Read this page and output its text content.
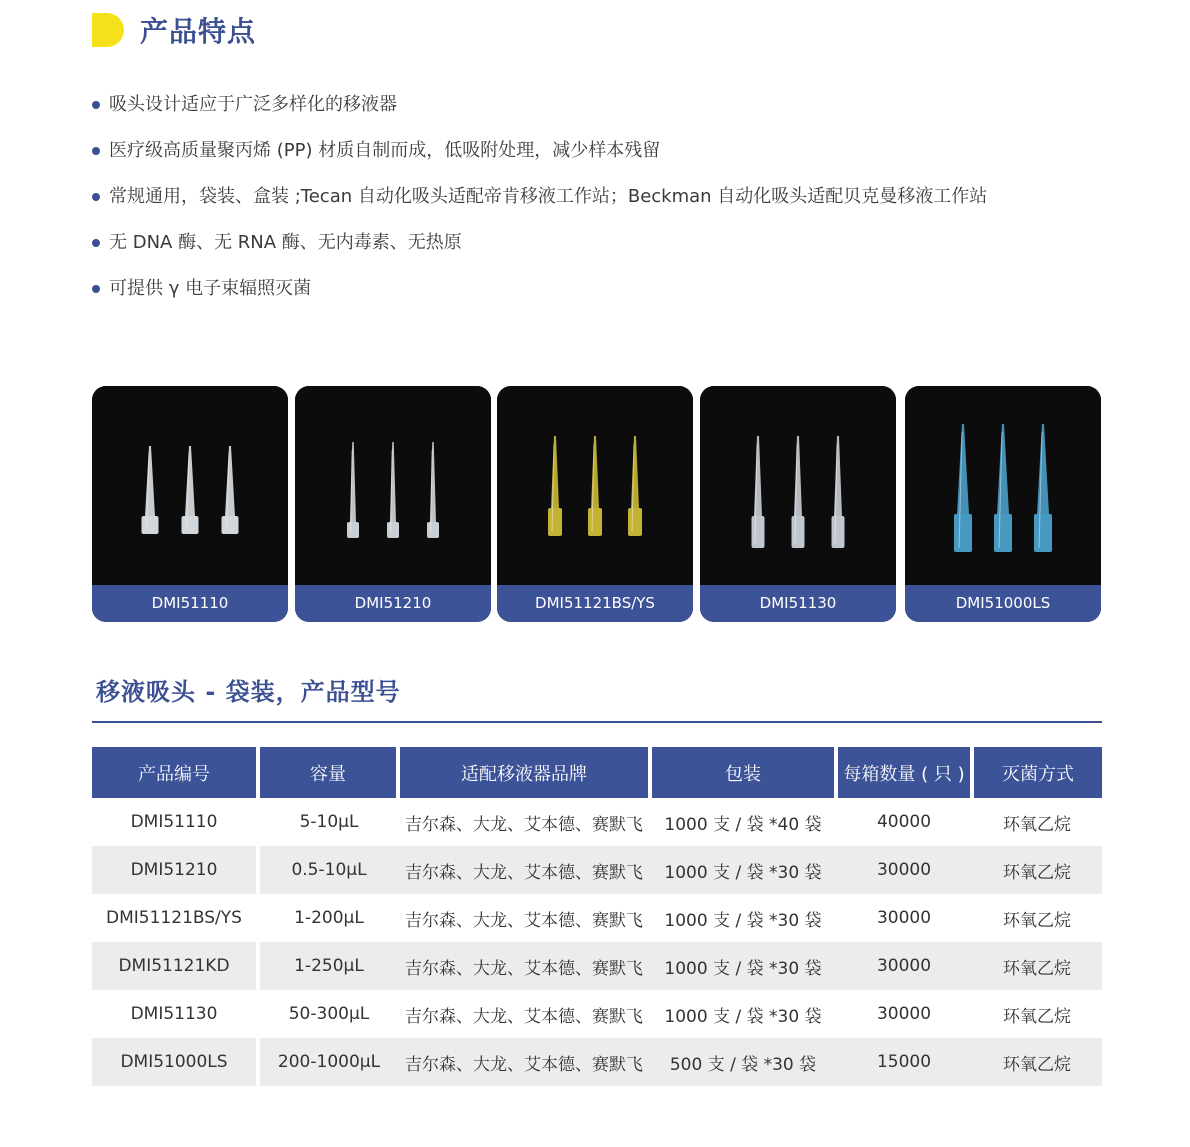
产品特点
吸头设计适应于广泛多样化的移液器
医疗级高质量聚丙烯 (PP) 材质自制而成，低吸附处理，减少样本残留
常规通用，袋装、盒装 ;Tecan 自动化吸头适配帝肯移液工作站；Beckman 自动化吸头适配贝克曼移液工作站
无 DNA 酶、无 RNA 酶、无内毒素、无热原
可提供 γ 电子束辐照灭菌
DMI51110	DMI51210	DMI51121BS/YS	DMI51130	DMI51000LS
移液吸头 - 袋装，产品型号
产品编号	容量	适配移液器品牌	包装	每箱数量 ( 只 )	灭菌方式
DMI51110	5-10μL	吉尔森、大龙、艾本德、赛默飞	1000 支 / 袋 *40 袋	40000	环氧乙烷
DMI51210	0.5-10μL	吉尔森、大龙、艾本德、赛默飞	1000 支 / 袋 *30 袋	30000	环氧乙烷
DMI51121BS/YS	1-200μL	吉尔森、大龙、艾本德、赛默飞	1000 支 / 袋 *30 袋	30000	环氧乙烷
DMI51121KD	1-250μL	吉尔森、大龙、艾本德、赛默飞	1000 支 / 袋 *30 袋	30000	环氧乙烷
DMI51130	50-300μL	吉尔森、大龙、艾本德、赛默飞	1000 支 / 袋 *30 袋	30000	环氧乙烷
DMI51000LS	200-1000μL	吉尔森、大龙、艾本德、赛默飞	500 支 / 袋 *30 袋	15000	环氧乙烷
